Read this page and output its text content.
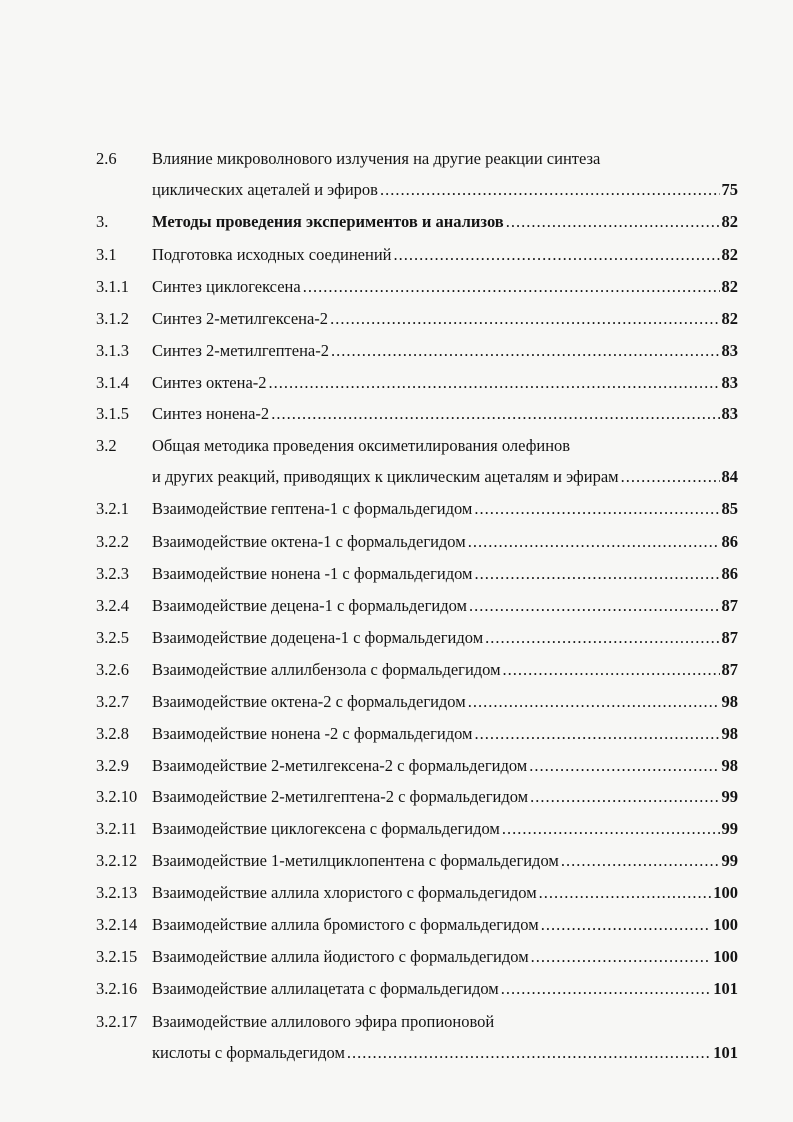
2.6 Влияние микроволнового излучения на другие реакции синтеза
циклических ацеталей и эфиров .....	75
3.	Методы проведения экспериментов и анализов .....	82
3.1 Подготовка исходных соединений .....	82
3.1.1 Синтез циклогексена .....	82
3.1.2 Синтез 2-метилгексена-2 .....	82
3.1.3 Синтез 2-метилгептена-2 .....	83
3.1.4 Синтез октена-2 .....	83
3.1.5 Синтез нонена-2 .....	83
3.2 Общая методика проведения оксиметилирования олефинов
и других реакций, приводящих к циклическим ацеталям и эфирам .....	84
3.2.1 Взаимодействие гептена-1 с формальдегидом .....	85
3.2.2 Взаимодействие октена-1 с формальдегидом .....	86
3.2.3 Взаимодействие нонена -1 с формальдегидом .....	86
3.2.4 Взаимодействие децена-1 с формальдегидом .....	87
3.2.5 Взаимодействие додецена-1 с формальдегидом .....	87
3.2.6 Взаимодействие аллилбензола с формальдегидом .....	87
3.2.7 Взаимодействие октена-2 с формальдегидом .....	98
3.2.8 Взаимодействие нонена -2 с формальдегидом .....	98
3.2.9 Взаимодействие 2-метилгексена-2 с формальдегидом .....	98
3.2.10 Взаимодействие 2-метилгептена-2 с формальдегидом .....	99
3.2.11 Взаимодействие циклогексена с формальдегидом .....	99
3.2.12 Взаимодействие 1-метилциклопентена с формальдегидом .....	99
3.2.13 Взаимодействие аллила хлористого с формальдегидом .....	100
3.2.14 Взаимодействие аллила бромистого с формальдегидом .....	100
3.2.15 Взаимодействие аллила йодистого с формальдегидом .....	100
3.2.16 Взаимодействие аллилацетата с формальдегидом .....	101
3.2.17 Взаимодействие аллилового эфира пропионовой
кислоты с формальдегидом .....	101
